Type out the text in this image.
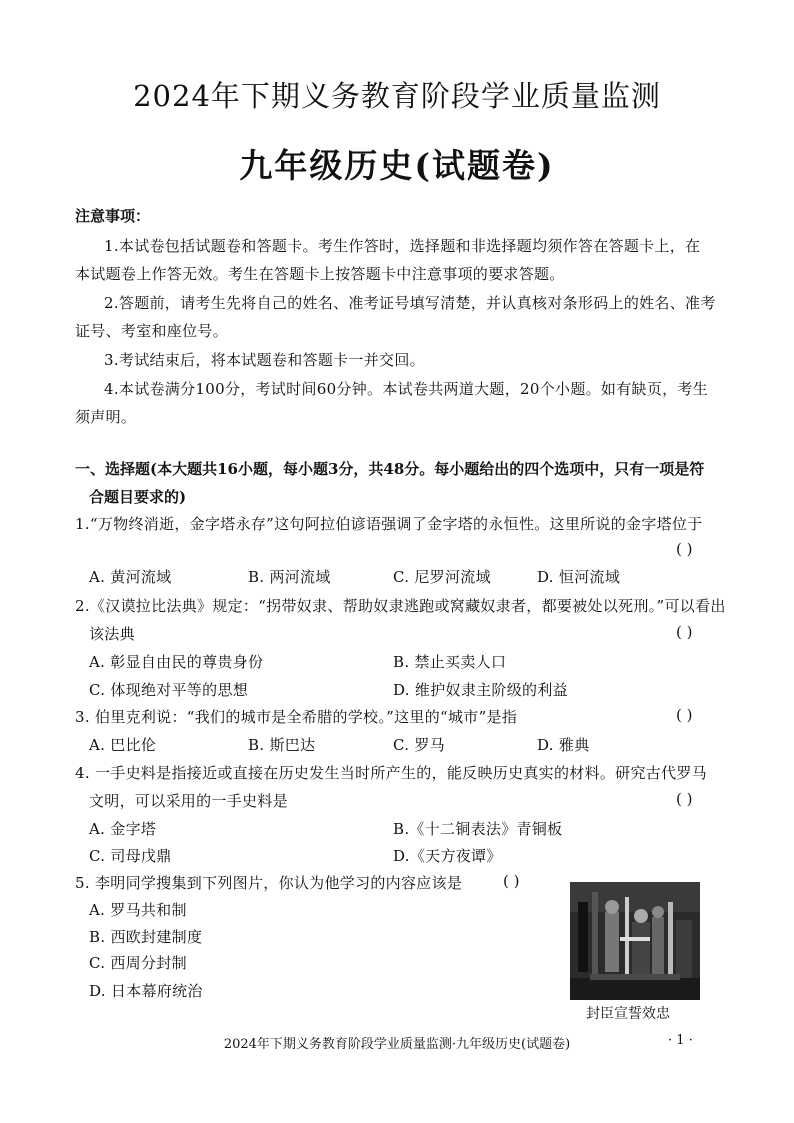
2024年下期义务教育阶段学业质量监测
九年级历史(试题卷)
注意事项：
1.本试卷包括试题卷和答题卡。考生作答时，选择题和非选择题均须作答在答题卡上，在
本试题卷上作答无效。考生在答题卡上按答题卡中注意事项的要求答题。
2.答题前，请考生先将自己的姓名、准考证号填写清楚，并认真核对条形码上的姓名、准考
证号、考室和座位号。
3.考试结束后，将本试题卷和答题卡一并交回。
4.本试卷满分100分，考试时间60分钟。本试卷共两道大题，20个小题。如有缺页，考生
须声明。
一、选择题(本大题共16小题，每小题3分，共48分。每小题给出的四个选项中，只有一项是符
合题目要求的)
1.“万物终消逝，金字塔永存”这句阿拉伯谚语强调了金字塔的永恒性。这里所说的金字塔位于
( )
A. 黄河流域	B. 两河流域	C. 尼罗河流域	D. 恒河流域
2.《汉谟拉比法典》规定：“拐带奴隶、帮助奴隶逃跑或窝藏奴隶者，都要被处以死刑。”可以看出
该法典	( )
A. 彰显自由民的尊贵身份	B. 禁止买卖人口
C. 体现绝对平等的思想	D. 维护奴隶主阶级的利益
3. 伯里克利说：“我们的城市是全希腊的学校。”这里的“城市”是指	( )
A. 巴比伦	B. 斯巴达	C. 罗马	D. 雅典
4. 一手史料是指接近或直接在历史发生当时所产生的，能反映历史真实的材料。研究古代罗马
文明，可以采用的一手史料是	( )
A. 金字塔	B.《十二铜表法》青铜板
C. 司母戊鼎	D.《天方夜谭》
5. 李明同学搜集到下列图片，你认为他学习的内容应该是	( )
A. 罗马共和制
B. 西欧封建制度
C. 西周分封制
D. 日本幕府统治
封臣宣誓效忠
2024年下期义务教育阶段学业质量监测·九年级历史(试题卷)	· 1 ·
